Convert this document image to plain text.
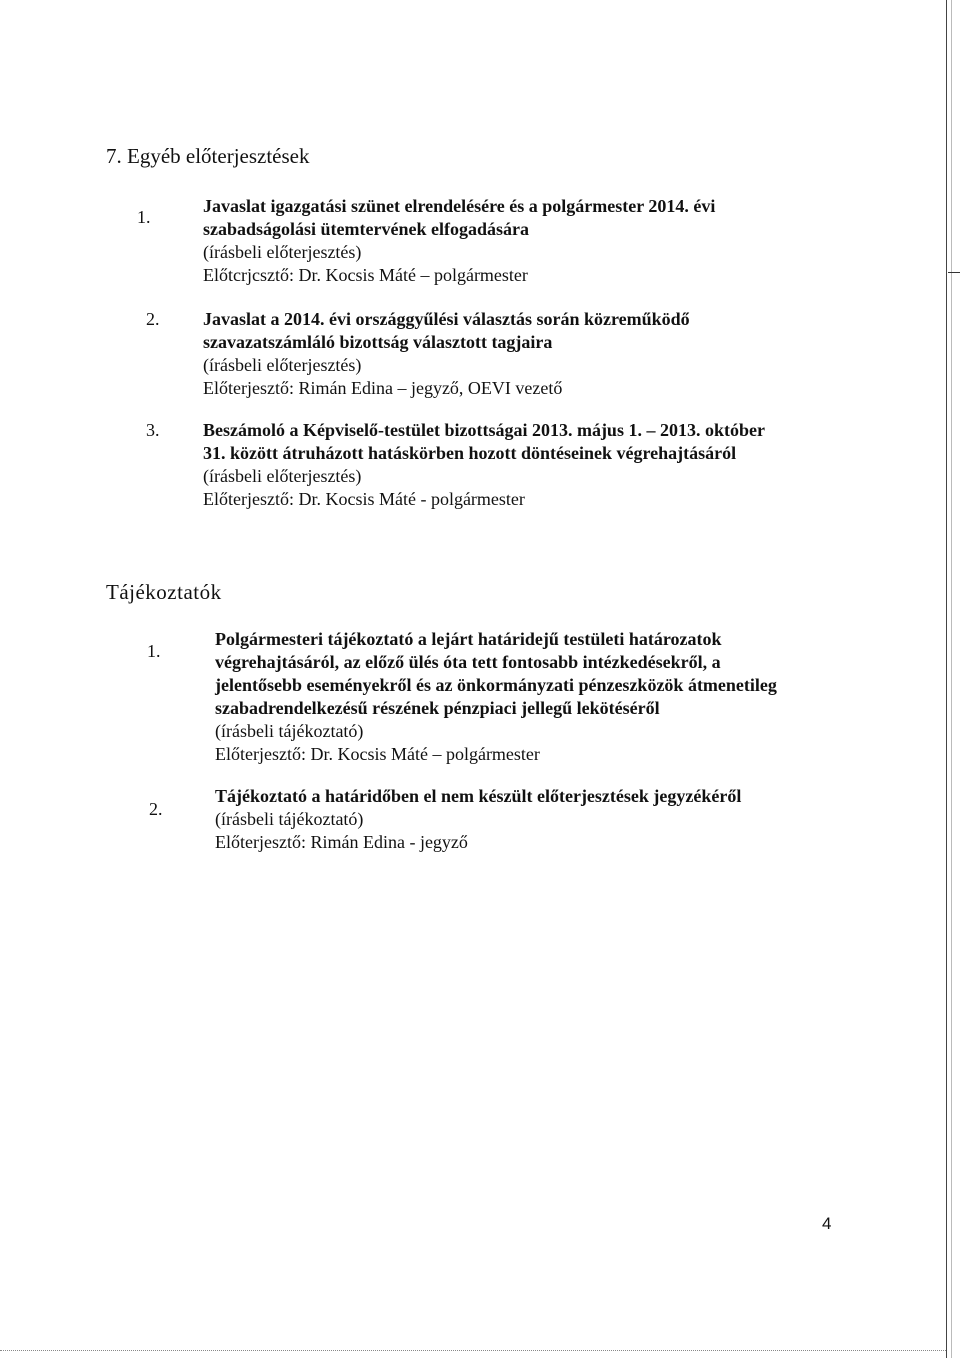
7. Egyéb előterjesztések
1.
Javaslat igazgatási szünet elrendelésére és a polgármester 2014. évi
szabadságolási ütemtervének elfogadására
(írásbeli előterjesztés)
Előtcrjcsztő: Dr. Kocsis Máté – polgármester
2. Javaslat a 2014. évi országgyűlési választás során közreműködő
szavazatszámláló bizottság választott tagjaira
(írásbeli előterjesztés)
Előterjesztő: Rimán Edina – jegyző, OEVI vezető
3. Beszámoló a Képviselő-testület bizottságai 2013. május 1. – 2013. október
31. között átruházott hatáskörben hozott döntéseinek végrehajtásáról
(írásbeli előterjesztés)
Előterjesztő: Dr. Kocsis Máté - polgármester
Tájékoztatók
1.
Polgármesteri tájékoztató a lejárt határidejű testületi határozatok
végrehajtásáról, az előző ülés óta tett fontosabb intézkedésekről, a
jelentősebb eseményekről és az önkormányzati pénzeszközök átmenetileg
szabadrendelkezésű részének pénzpiaci jellegű lekötéséről
(írásbeli tájékoztató)
Előterjesztő: Dr. Kocsis Máté – polgármester
2.
Tájékoztató a határidőben el nem készült előterjesztések jegyzékéről
(írásbeli tájékoztató)
Előterjesztő: Rimán Edina - jegyző
4
